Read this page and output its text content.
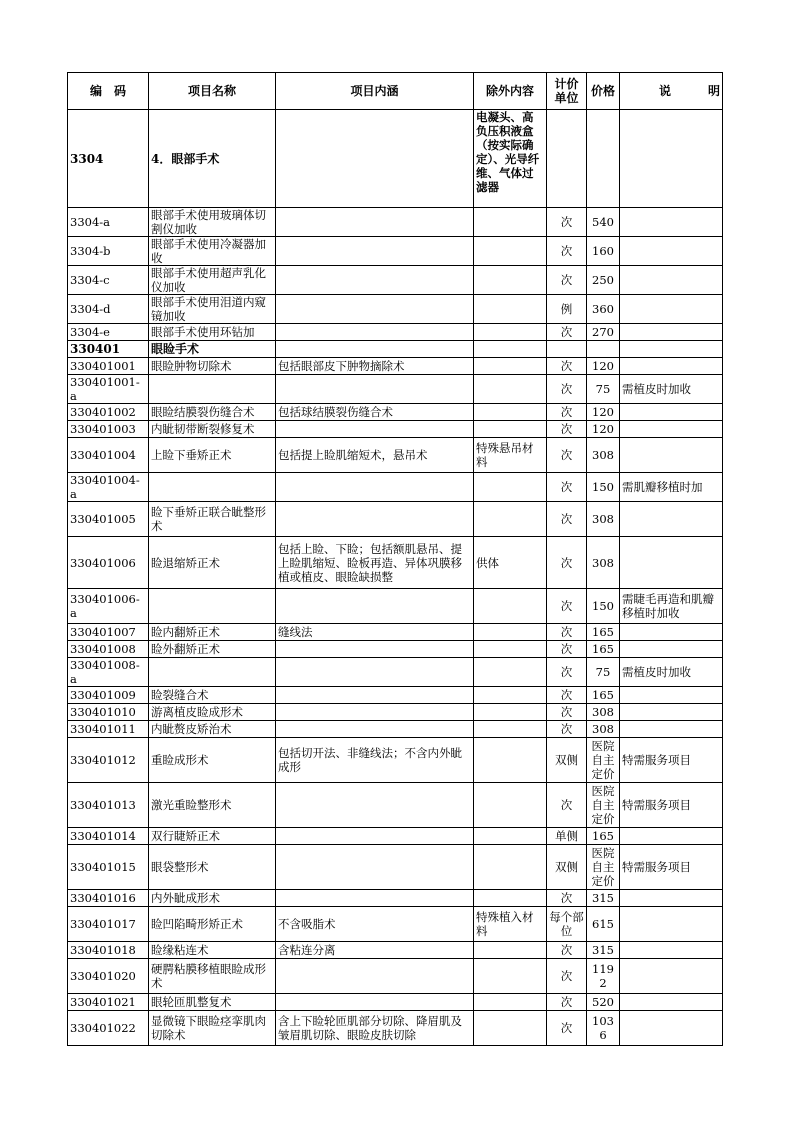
编　码	项目名称	项目内涵	除外内容	计价单位	价格	说 明

3304	4．眼部手术		电凝头、高负压积液盒（按实际确定）、光导纤维、气体过滤器			
3304-a	眼部手术使用玻璃体切割仪加收			次	540	
3304-b	眼部手术使用冷凝器加收			次	160	
3304-c	眼部手术使用超声乳化仪加收			次	250	
3304-d	眼部手术使用泪道内窥镜加收			例	360	
3304-e	眼部手术使用环钻加			次	270	
330401	眼睑手术					
330401001	眼睑肿物切除术	包括眼部皮下肿物摘除术		次	120	
330401001-a				次	75	需植皮时加收
330401002	眼睑结膜裂伤缝合术	包括球结膜裂伤缝合术		次	120	
330401003	内眦韧带断裂修复术			次	120	
330401004	上睑下垂矫正术	包括提上睑肌缩短术，悬吊术	特殊悬吊材料	次	308	
330401004-a				次	150	需肌瓣移植时加
330401005	睑下垂矫正联合眦整形术			次	308	
330401006	睑退缩矫正术	包括上睑、下睑；包括额肌悬吊、提上睑肌缩短、睑板再造、异体巩膜移植或植皮、眼睑缺损整	供体	次	308	
330401006-a				次	150	需睫毛再造和肌瓣移植时加收
330401007	睑内翻矫正术	缝线法		次	165	
330401008	睑外翻矫正术			次	165	
330401008-a				次	75	需植皮时加收
330401009	睑裂缝合术			次	165	
330401010	游离植皮睑成形术			次	308	
330401011	内眦赘皮矫治术			次	308	
330401012	重睑成形术	包括切开法、非缝线法；不含内外眦成形		双侧	医院自主定价	特需服务项目
330401013	激光重睑整形术			次	医院自主定价	特需服务项目
330401014	双行睫矫正术			单侧	165	
330401015	眼袋整形术			双侧	医院自主定价	特需服务项目
330401016	内外眦成形术			次	315	
330401017	睑凹陷畸形矫正术	不含吸脂术	特殊植入材料	每个部位	615	
330401018	睑缘粘连术	含粘连分离		次	315	
330401020	硬腭粘膜移植眼睑成形术			次	1192	
330401021	眼轮匝肌整复术			次	520	
330401022	显微镜下眼睑痉挛肌肉切除术	含上下睑轮匝肌部分切除、降眉肌及皱眉肌切除、眼睑皮肤切除		次	1036	
